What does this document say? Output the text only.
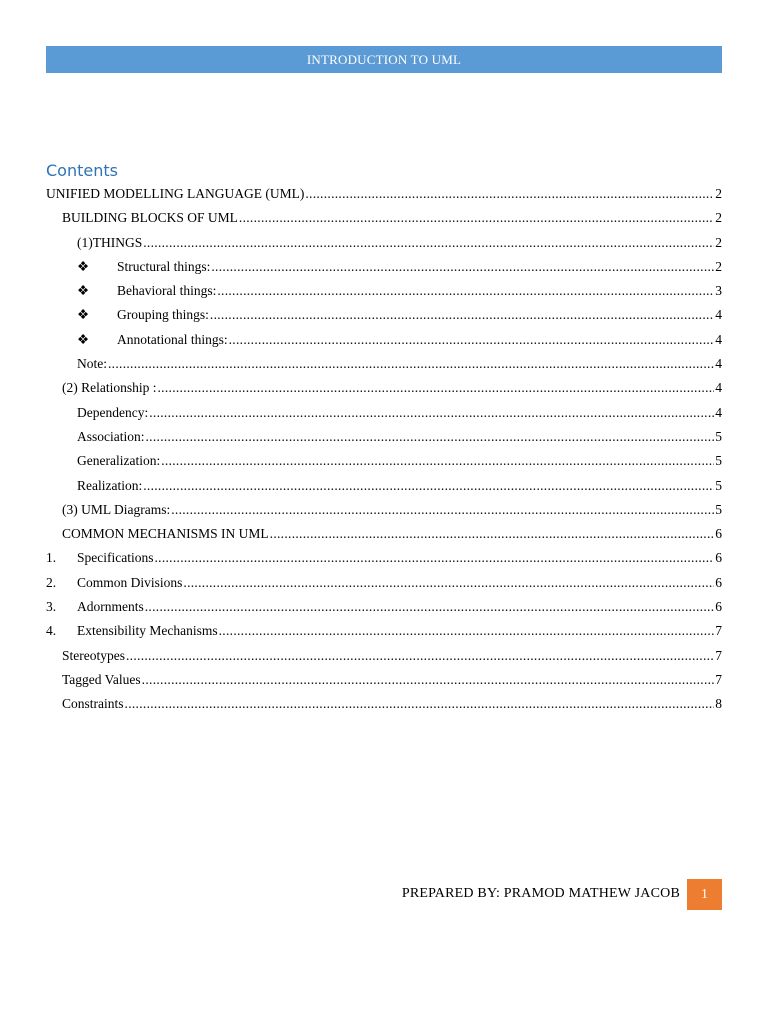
INTRODUCTION TO UML
Contents
UNIFIED MODELLING LANGUAGE (UML) .....	2
BUILDING BLOCKS OF UML .....	2
(1)THINGS .....	2
❖	Structural things: .....	2
❖	Behavioral things: .....	3
❖	Grouping things: .....	4
❖	Annotational things: .....	4
Note: .....	4
(2) Relationship : .....	4
Dependency: .....	4
Association: .....	5
Generalization: .....	5
Realization: .....	5
(3) UML Diagrams: .....	5
COMMON MECHANISMS IN UML .....	6
1.	Specifications .....	6
2.	Common Divisions .....	6
3.	Adornments .....	6
4.	Extensibility Mechanisms .....	7
Stereotypes .....	7
Tagged Values .....	7
Constraints .....	8
PREPARED BY: PRAMOD MATHEW JACOB	1
